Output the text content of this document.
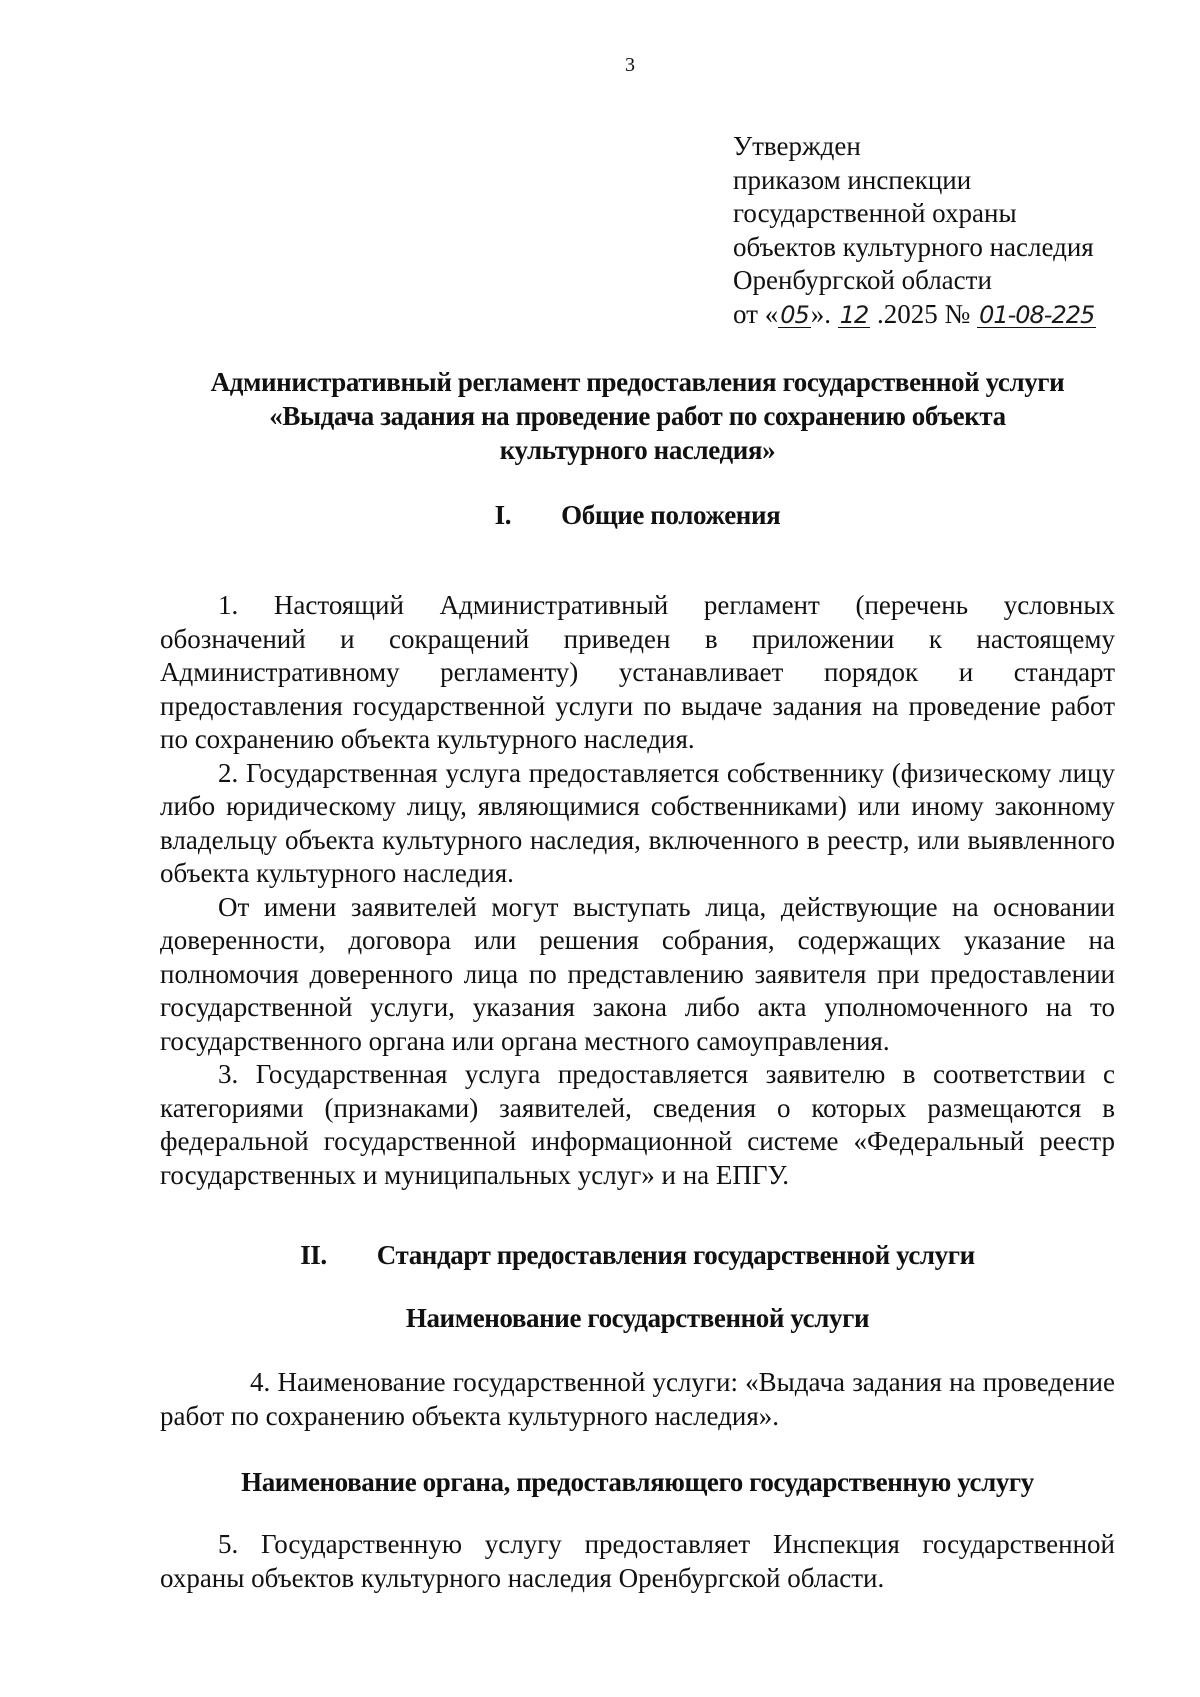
3
Утвержден
приказом инспекции
государственной охраны
объектов культурного наследия
Оренбургской области
от «05». 12 .2025 № 01-08-225
Административный регламент предоставления государственной услуги
«Выдача задания на проведение работ по сохранению объекта
культурного наследия»
I. Общие положения

1. Настоящий Административный регламент (перечень условных обозначений и сокращений приведен в приложении к настоящему Административному регламенту) устанавливает порядок и стандарт предоставления государственной услуги по выдаче задания на проведение работ по сохранению объекта культурного наследия.

2. Государственная услуга предоставляется собственнику (физическому лицу либо юридическому лицу, являющимися собственниками) или иному законному владельцу объекта культурного наследия, включенного в реестр, или выявленного объекта культурного наследия.

От имени заявителей могут выступать лица, действующие на основании доверенности, договора или решения собрания, содержащих указание на полномочия доверенного лица по представлению заявителя при предоставлении государственной услуги, указания закона либо акта уполномоченного на то государственного органа или органа местного самоуправления.

3. Государственная услуга предоставляется заявителю в соответствии с категориями (признаками) заявителей, сведения о которых размещаются в федеральной государственной информационной системе «Федеральный реестр государственных и муниципальных услуг» и на ЕПГУ.

II. Стандарт предоставления государственной услуги
Наименование государственной услуги

4. Наименование государственной услуги: «Выдача задания на проведение работ по сохранению объекта культурного наследия».

Наименование органа, предоставляющего государственную услугу

5. Государственную услугу предоставляет Инспекция государственной охраны объектов культурного наследия Оренбургской области.
